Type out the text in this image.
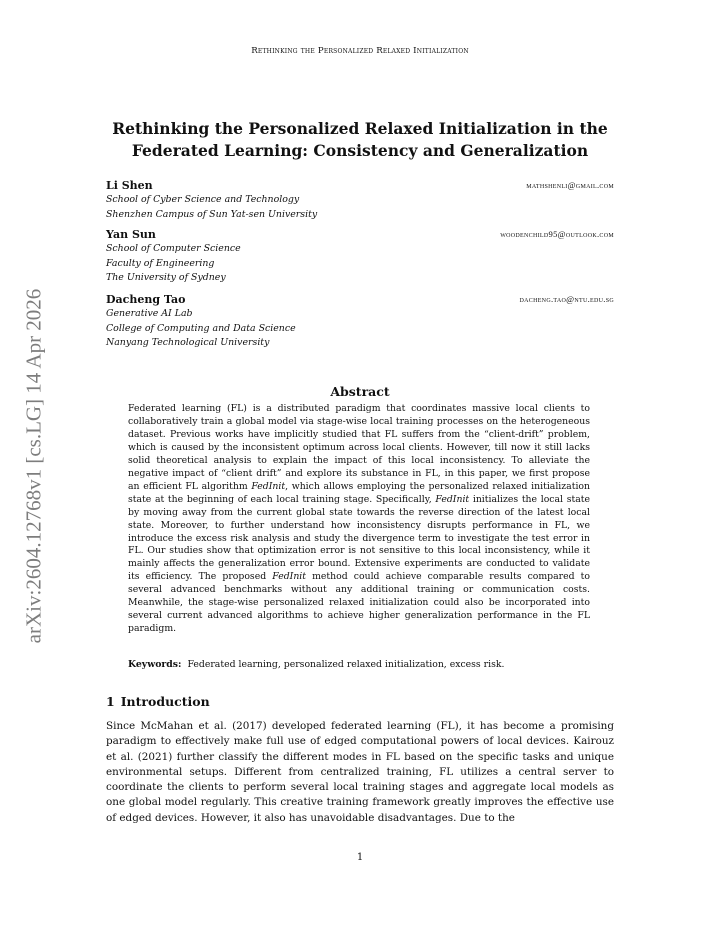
Rethinking the Personalized Relaxed Initialization
arXiv:2604.12768v1 [cs.LG] 14 Apr 2026
Rethinking the Personalized Relaxed Initialization in the Federated Learning: Consistency and Generalization
Li Shen	mathshenli@gmail.com
School of Cyber Science and Technology
Shenzhen Campus of Sun Yat-sen University
Yan Sun	woodenchild95@outlook.com
School of Computer Science
Faculty of Engineering
The University of Sydney
Dacheng Tao	dacheng.tao@ntu.edu.sg
Generative AI Lab
College of Computing and Data Science
Nanyang Technological University
Abstract
Federated learning (FL) is a distributed paradigm that coordinates massive local clients to collaboratively train a global model via stage-wise local training processes on the heterogeneous dataset. Previous works have implicitly studied that FL suffers from the “client-drift” problem, which is caused by the inconsistent optimum across local clients. However, till now it still lacks solid theoretical analysis to explain the impact of this local inconsistency. To alleviate the negative impact of “client drift” and explore its substance in FL, in this paper, we first propose an efficient FL algorithm FedInit, which allows employing the personalized relaxed initialization state at the beginning of each local training stage. Specifically, FedInit initializes the local state by moving away from the current global state towards the reverse direction of the latest local state. Moreover, to further understand how inconsistency disrupts performance in FL, we introduce the excess risk analysis and study the divergence term to investigate the test error in FL. Our studies show that optimization error is not sensitive to this local inconsistency, while it mainly affects the generalization error bound. Extensive experiments are conducted to validate its efficiency. The proposed FedInit method could achieve comparable results compared to several advanced benchmarks without any additional training or communication costs. Meanwhile, the stage-wise personalized relaxed initialization could also be incorporated into several current advanced algorithms to achieve higher generalization performance in the FL paradigm.
Keywords: Federated learning, personalized relaxed initialization, excess risk.
1 Introduction
Since McMahan et al. (2017) developed federated learning (FL), it has become a promising paradigm to effectively make full use of edged computational powers of local devices. Kairouz et al. (2021) further classify the different modes in FL based on the specific tasks and unique environmental setups. Different from centralized training, FL utilizes a central server to coordinate the clients to perform several local training stages and aggregate local models as one global model regularly. This creative training framework greatly improves the effective use of edged devices. However, it also has unavoidable disadvantages. Due to the
1
